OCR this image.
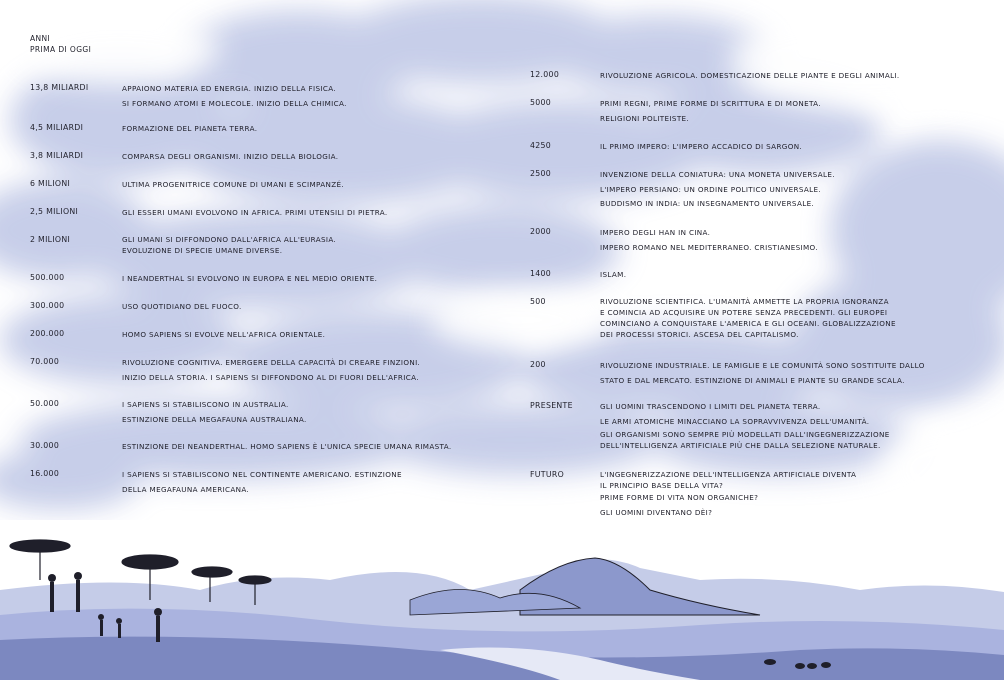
ANNI
PRIMA DI OGGI
13,8 MILIARDI	APPAIONO MATERIA ED ENERGIA. INIZIO DELLA FISICA.
SI FORMANO ATOMI E MOLECOLE. INIZIO DELLA CHIMICA.
4,5 MILIARDI	FORMAZIONE DEL PIANETA TERRA.
3,8 MILIARDI	COMPARSA DEGLI ORGANISMI. INIZIO DELLA BIOLOGIA.
6 MILIONI	ULTIMA PROGENITRICE COMUNE DI UMANI E SCIMPANZÉ.
2,5 MILIONI	GLI ESSERI UMANI EVOLVONO IN AFRICA. PRIMI UTENSILI DI PIETRA.
2 MILIONI	GLI UMANI SI DIFFONDONO DALL'AFRICA ALL'EURASIA.
EVOLUZIONE DI SPECIE UMANE DIVERSE.
500.000	I NEANDERTHAL SI EVOLVONO IN EUROPA E NEL MEDIO ORIENTE.
300.000	USO QUOTIDIANO DEL FUOCO.
200.000	HOMO SAPIENS SI EVOLVE NELL'AFRICA ORIENTALE.
70.000	RIVOLUZIONE COGNITIVA. EMERGERE DELLA CAPACITÀ DI CREARE FINZIONI.
INIZIO DELLA STORIA. I SAPIENS SI DIFFONDONO AL DI FUORI DELL'AFRICA.
50.000	I SAPIENS SI STABILISCONO IN AUSTRALIA.
ESTINZIONE DELLA MEGAFAUNA AUSTRALIANA.
30.000	ESTINZIONE DEI NEANDERTHAL. HOMO SAPIENS È L'UNICA SPECIE UMANA RIMASTA.
16.000	I SAPIENS SI STABILISCONO NEL CONTINENTE AMERICANO. ESTINZIONE
DELLA MEGAFAUNA AMERICANA.
12.000	RIVOLUZIONE AGRICOLA. DOMESTICAZIONE DELLE PIANTE E DEGLI ANIMALI.
5000	PRIMI REGNI, PRIME FORME DI SCRITTURA E DI MONETA.
RELIGIONI POLITEISTE.
4250	IL PRIMO IMPERO: L'IMPERO ACCADICO DI SARGON.
2500	INVENZIONE DELLA CONIATURA: UNA MONETA UNIVERSALE.
L'IMPERO PERSIANO: UN ORDINE POLITICO UNIVERSALE.
BUDDISMO IN INDIA: UN INSEGNAMENTO UNIVERSALE.
2000	IMPERO DEGLI HAN IN CINA.
IMPERO ROMANO NEL MEDITERRANEO. CRISTIANESIMO.
1400	ISLAM.
500	RIVOLUZIONE SCIENTIFICA. L'UMANITÀ AMMETTE LA PROPRIA IGNORANZA
E COMINCIA AD ACQUISIRE UN POTERE SENZA PRECEDENTI. GLI EUROPEI
COMINCIANO A CONQUISTARE L'AMERICA E GLI OCEANI. GLOBALIZZAZIONE
DEI PROCESSI STORICI. ASCESA DEL CAPITALISMO.
200	RIVOLUZIONE INDUSTRIALE. LE FAMIGLIE E LE COMUNITÀ SONO SOSTITUITE DALLO
STATO E DAL MERCATO. ESTINZIONE DI ANIMALI E PIANTE SU GRANDE SCALA.
PRESENTE	GLI UOMINI TRASCENDONO I LIMITI DEL PIANETA TERRA.
LE ARMI ATOMICHE MINACCIANO LA SOPRAVVIVENZA DELL'UMANITÀ.
GLI ORGANISMI SONO SEMPRE PIÙ MODELLATI DALL'INGEGNERIZZAZIONE
DELL'INTELLIGENZA ARTIFICIALE PIÙ CHE DALLA SELEZIONE NATURALE.
FUTURO	L'INGEGNERIZZAZIONE DELL'INTELLIGENZA ARTIFICIALE DIVENTA
IL PRINCIPIO BASE DELLA VITA?
PRIME FORME DI VITA NON ORGANICHE?
GLI UOMINI DIVENTANO DÈI?
